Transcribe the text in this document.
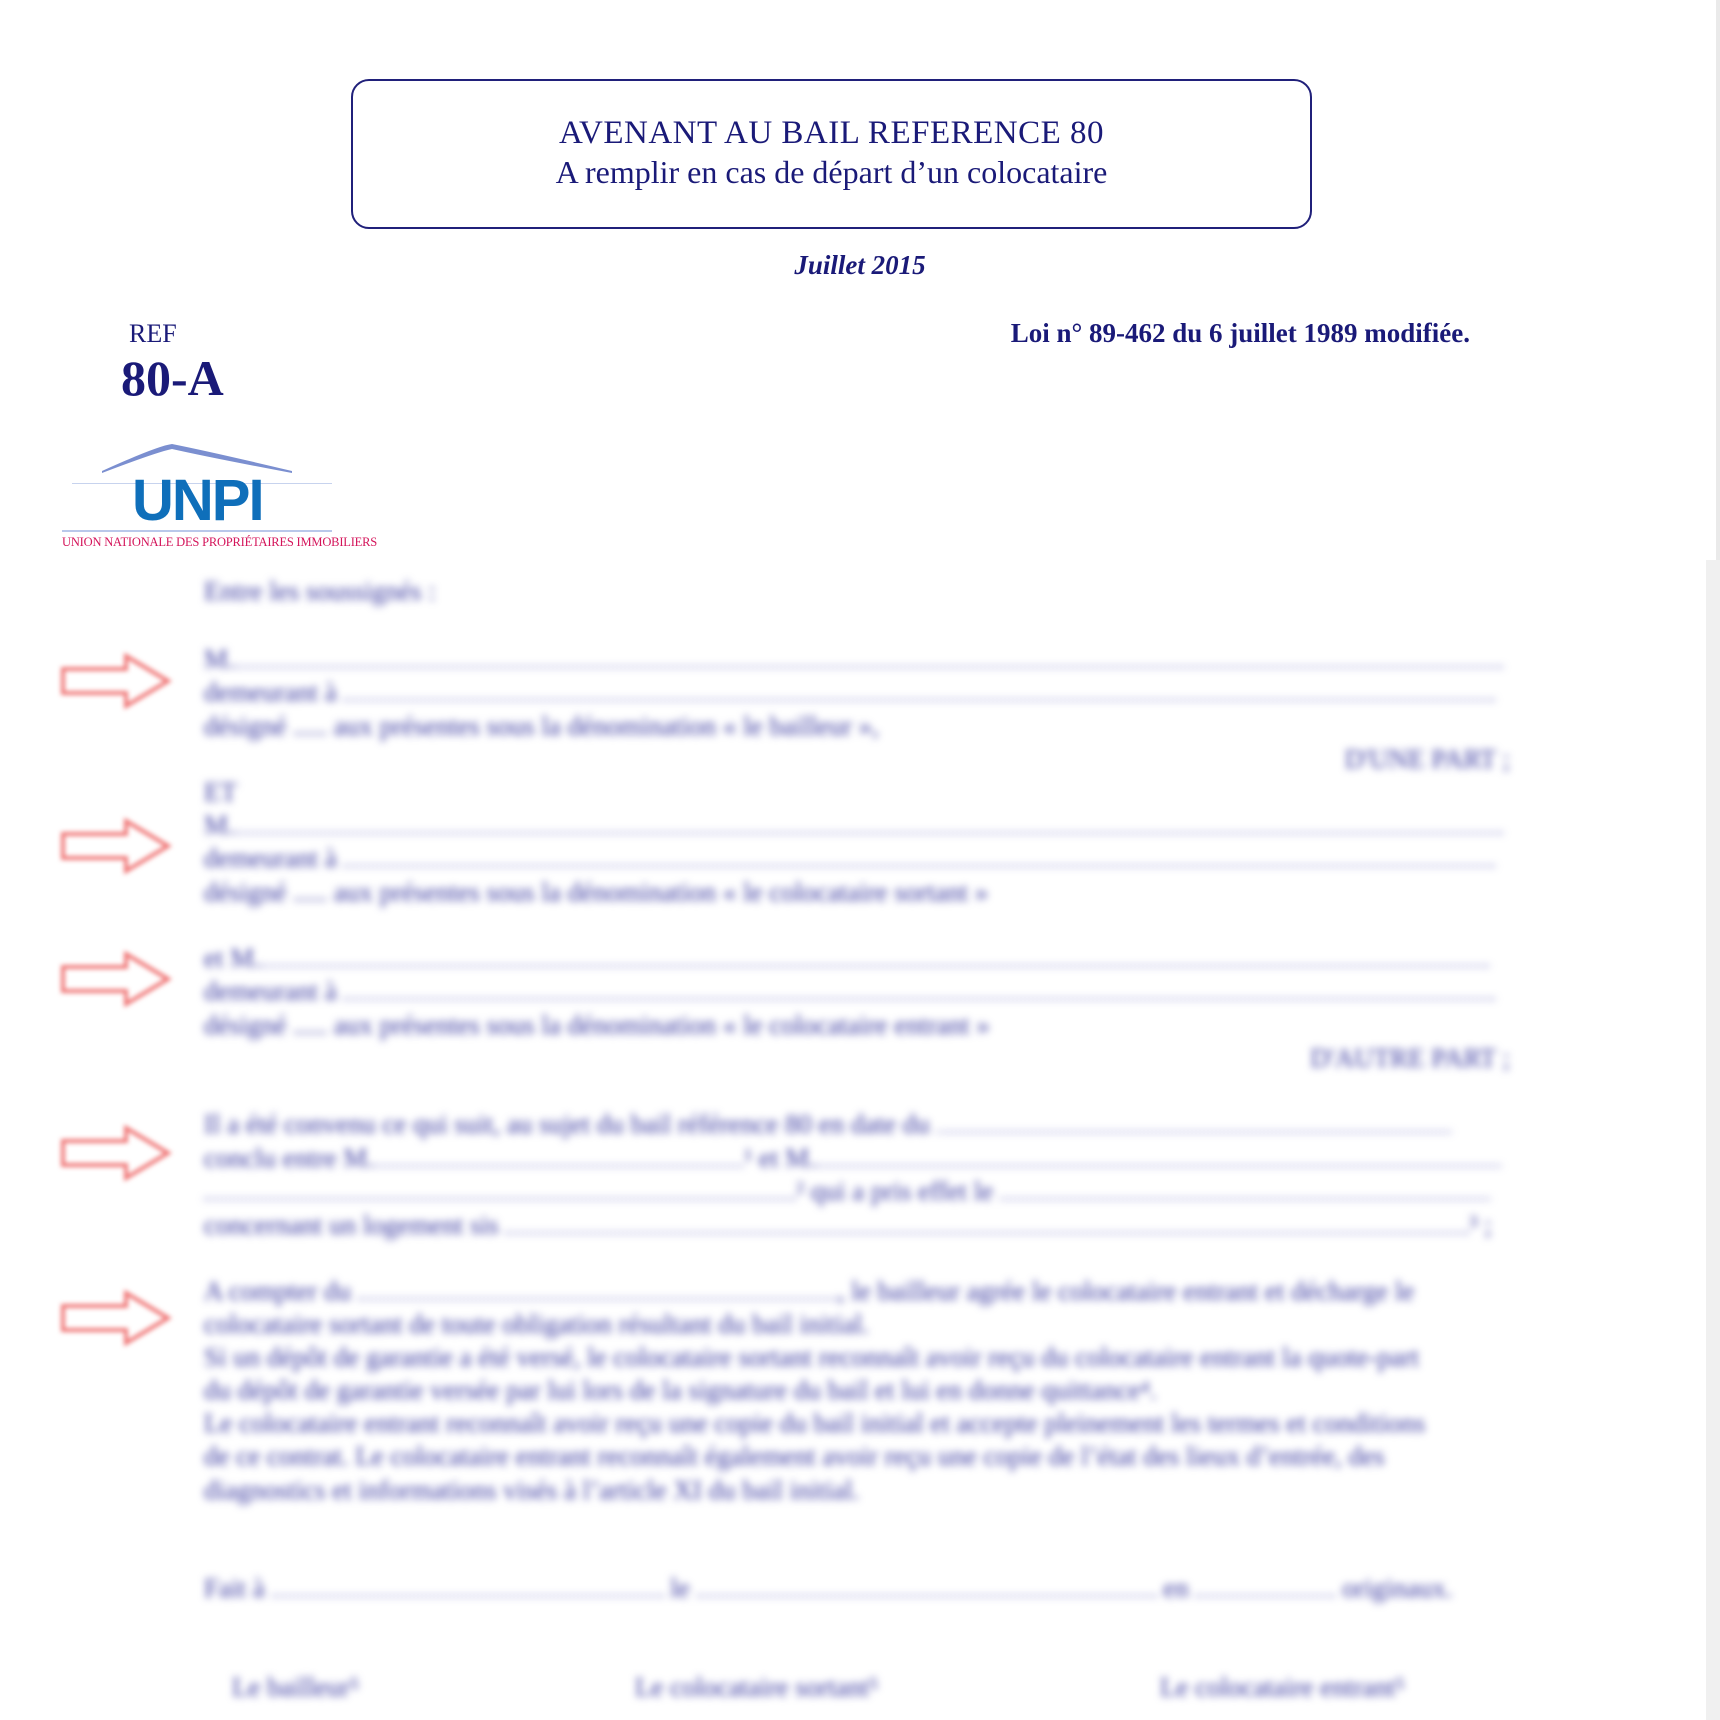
AVENANT AU BAIL REFERENCE 80
A remplir en cas de départ d’un colocataire
Juillet 2015
REF
80-A
Loi n° 89-462 du 6 juillet 1989 modifiée.
UNPI
UNION NATIONALE DES PROPRIÉTAIRES IMMOBILIERS
Entre les soussignés :
M.
demeurant à
désigné ..... aux présentes sous la dénomination « le bailleur »,
D'UNE PART ;
ET
M.
demeurant à
désigné ..... aux présentes sous la dénomination « le colocataire sortant »
et M.
demeurant à
désigné ..... aux présentes sous la dénomination « le colocataire entrant »
D'AUTRE PART ;
Il a été convenu ce qui suit, au sujet du bail référence 80 en date du
conclu entre M.	¹ et M.
² qui a pris effet le
concernant un logement sis	³ ;
A compter du	, le bailleur agrée le colocataire entrant et décharge le
colocataire sortant de toute obligation résultant du bail initial.
Si un dépôt de garantie a été versé, le colocataire sortant reconnaît avoir reçu du colocataire entrant la quote-part
du dépôt de garantie versée par lui lors de la signature du bail et lui en donne quittance⁴.
Le colocataire entrant reconnaît avoir reçu une copie du bail initial et accepte pleinement les termes et conditions
de ce contrat. Le colocataire entrant reconnaît également avoir reçu une copie de l’état des lieux d’entrée, des
diagnostics et informations visés à l’article XI du bail initial.
Fait à	le	en	originaux.
Le bailleur⁵	Le colocataire sortant⁵	Le colocataire entrant⁵
